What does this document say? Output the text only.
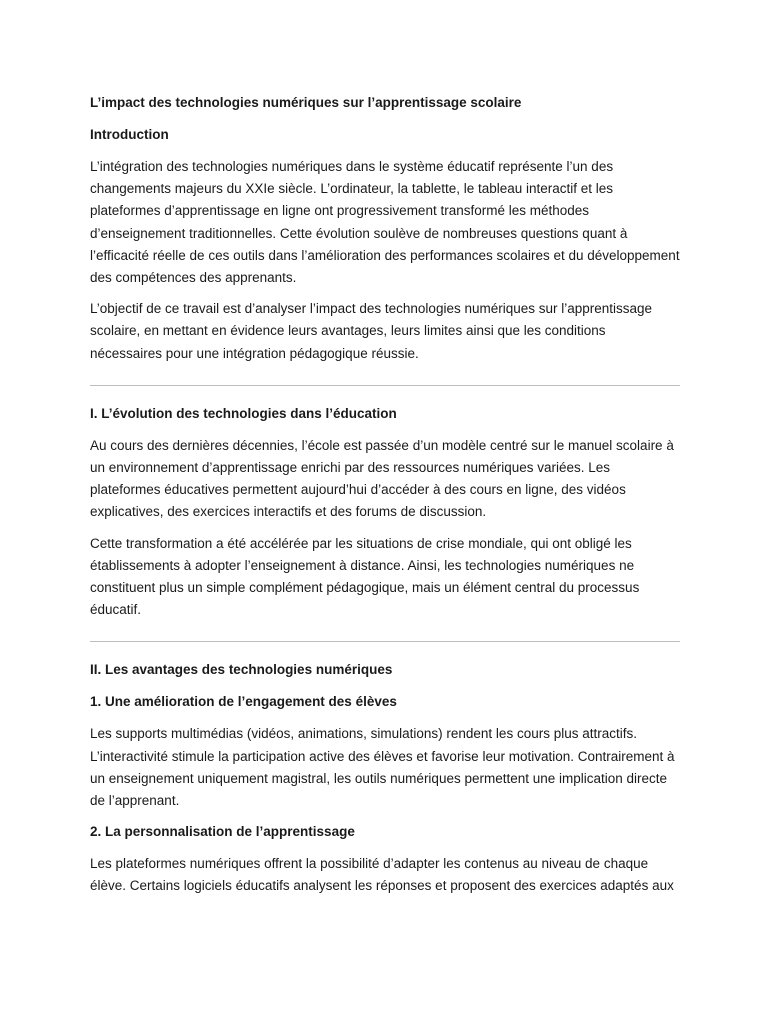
L’impact des technologies numériques sur l’apprentissage scolaire
Introduction

L’intégration des technologies numériques dans le système éducatif représente l’un des changements majeurs du XXIe siècle. L’ordinateur, la tablette, le tableau interactif et les plateformes d’apprentissage en ligne ont progressivement transformé les méthodes d’enseignement traditionnelles. Cette évolution soulève de nombreuses questions quant à l’efficacité réelle de ces outils dans l’amélioration des performances scolaires et du développement des compétences des apprenants.

L’objectif de ce travail est d’analyser l’impact des technologies numériques sur l’apprentissage scolaire, en mettant en évidence leurs avantages, leurs limites ainsi que les conditions nécessaires pour une intégration pédagogique réussie.

I. L’évolution des technologies dans l’éducation

Au cours des dernières décennies, l’école est passée d’un modèle centré sur le manuel scolaire à un environnement d’apprentissage enrichi par des ressources numériques variées. Les plateformes éducatives permettent aujourd’hui d’accéder à des cours en ligne, des vidéos explicatives, des exercices interactifs et des forums de discussion.

Cette transformation a été accélérée par les situations de crise mondiale, qui ont obligé les établissements à adopter l’enseignement à distance. Ainsi, les technologies numériques ne constituent plus un simple complément pédagogique, mais un élément central du processus éducatif.

II. Les avantages des technologies numériques
1. Une amélioration de l’engagement des élèves

Les supports multimédias (vidéos, animations, simulations) rendent les cours plus attractifs. L’interactivité stimule la participation active des élèves et favorise leur motivation. Contrairement à un enseignement uniquement magistral, les outils numériques permettent une implication directe de l’apprenant.

2. La personnalisation de l’apprentissage

Les plateformes numériques offrent la possibilité d’adapter les contenus au niveau de chaque élève. Certains logiciels éducatifs analysent les réponses et proposent des exercices adaptés aux
